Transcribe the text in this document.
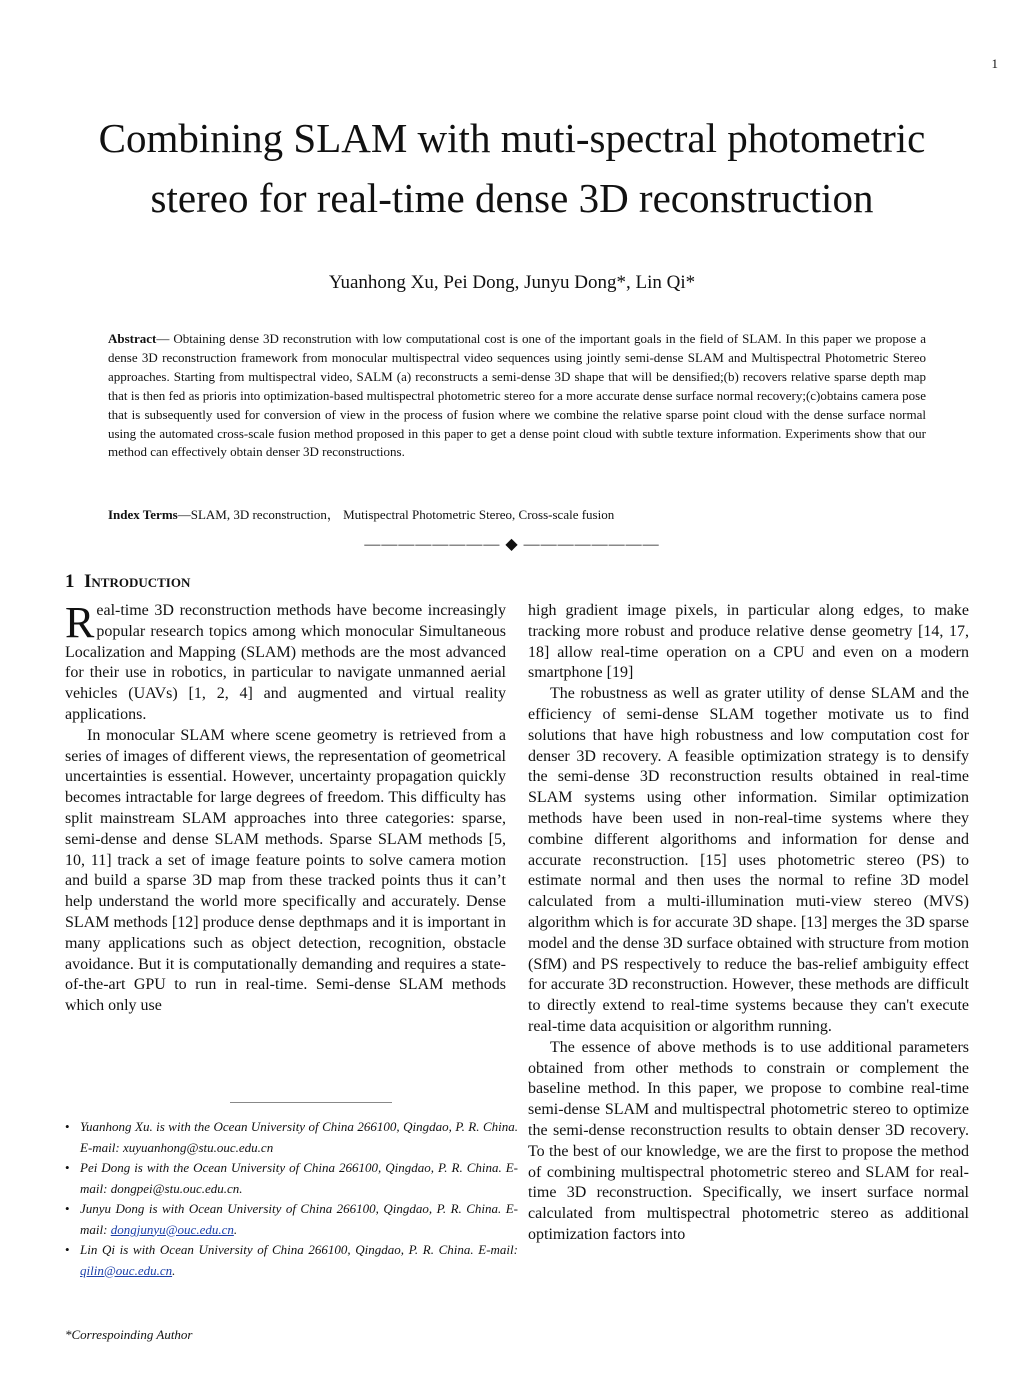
1
Combining SLAM with muti-spectral photometric stereo for real-time dense 3D reconstruction
Yuanhong Xu, Pei Dong, Junyu Dong*, Lin Qi*

Abstract— Obtaining dense 3D reconstrution with low computational cost is one of the important goals in the field of SLAM. In this paper we propose a dense 3D reconstruction framework from monocular multispectral video sequences using jointly semi-dense SLAM and Multispectral Photometric Stereo approaches. Starting from multispectral video, SALM (a) reconstructs a semi-dense 3D shape that will be densified;(b) recovers relative sparse depth map that is then fed as prioris into optimization-based multispectral photometric stereo for a more accurate dense surface normal recovery;(c)obtains camera pose that is subsequently used for conversion of view in the process of fusion where we combine the relative sparse point cloud with the dense surface normal using the automated cross-scale fusion method proposed in this paper to get a dense point cloud with subtle texture information. Experiments show that our method can effectively obtain denser 3D reconstructions.

Index Terms—SLAM, 3D reconstruction， Mutispectral Photometric Stereo, Cross-scale fusion
———————— ◆ ————————
1 Introduction

Real-time 3D reconstruction methods have become increasingly popular research topics among which monocular Simultaneous Localization and Mapping (SLAM) methods are the most advanced for their use in robotics, in particular to navigate unmanned aerial vehicles (UAVs) [1, 2, 4] and augmented and virtual reality applications.

In monocular SLAM where scene geometry is retrieved from a series of images of different views, the representation of geometrical uncertainties is essential. However, uncertainty propagation quickly becomes intractable for large degrees of freedom. This difficulty has split mainstream SLAM approaches into three categories: sparse, semi-dense and dense SLAM methods. Sparse SLAM methods [5, 10, 11] track a set of image feature points to solve camera motion and build a sparse 3D map from these tracked points thus it can’t help understand the world more specifically and accurately. Dense SLAM methods [12] produce dense depthmaps and it is important in many applications such as object detection, recognition, obstacle avoidance. But it is computationally demanding and requires a state-of-the-art GPU to run in real-time. Semi-dense SLAM methods which only use

high gradient image pixels, in particular along edges, to make tracking more robust and produce relative dense geometry [14, 17, 18] allow real-time operation on a CPU and even on a modern smartphone [19]

The robustness as well as grater utility of dense SLAM and the efficiency of semi-dense SLAM together motivate us to find solutions that have high robustness and low computation cost for denser 3D recovery. A feasible optimization strategy is to densify the semi-dense 3D reconstruction results obtained in real-time SLAM systems using other information. Similar optimization methods have been used in non-real-time systems where they combine different algorithoms and information for dense and accurate reconstruction. [15] uses photometric stereo (PS) to estimate normal and then uses the normal to refine 3D model calculated from a multi-illumination muti-view stereo (MVS) algorithm which is for accurate 3D shape. [13] merges the 3D sparse model and the dense 3D surface obtained with structure from motion (SfM) and PS respectively to reduce the bas-relief ambiguity effect for accurate 3D reconstruction. However, these methods are difficult to directly extend to real-time systems because they can't execute real-time data acquisition or algorithm running.

The essence of above methods is to use additional parameters obtained from other methods to constrain or complement the baseline method. In this paper, we propose to combine real-time semi-dense SLAM and multispectral photometric stereo to optimize the semi-dense reconstruction results to obtain denser 3D recovery. To the best of our knowledge, we are the first to propose the method of combining multispectral photometric stereo and SLAM for real-time 3D reconstruction. Specifically, we insert surface normal calculated from multispectral photometric stereo as additional optimization factors into

• Yuanhong Xu. is with the Ocean University of China 266100, Qingdao, P. R. China. E-mail: xuyuanhong@stu.ouc.edu.cn
• Pei Dong is with the Ocean University of China 266100, Qingdao, P. R. China. E-mail: dongpei@stu.ouc.edu.cn.
• Junyu Dong is with Ocean University of China 266100, Qingdao, P. R. China. E-mail: dongjunyu@ouc.edu.cn.
• Lin Qi is with Ocean University of China 266100, Qingdao, P. R. China. E-mail: qilin@ouc.edu.cn.
*Correspoinding Author
